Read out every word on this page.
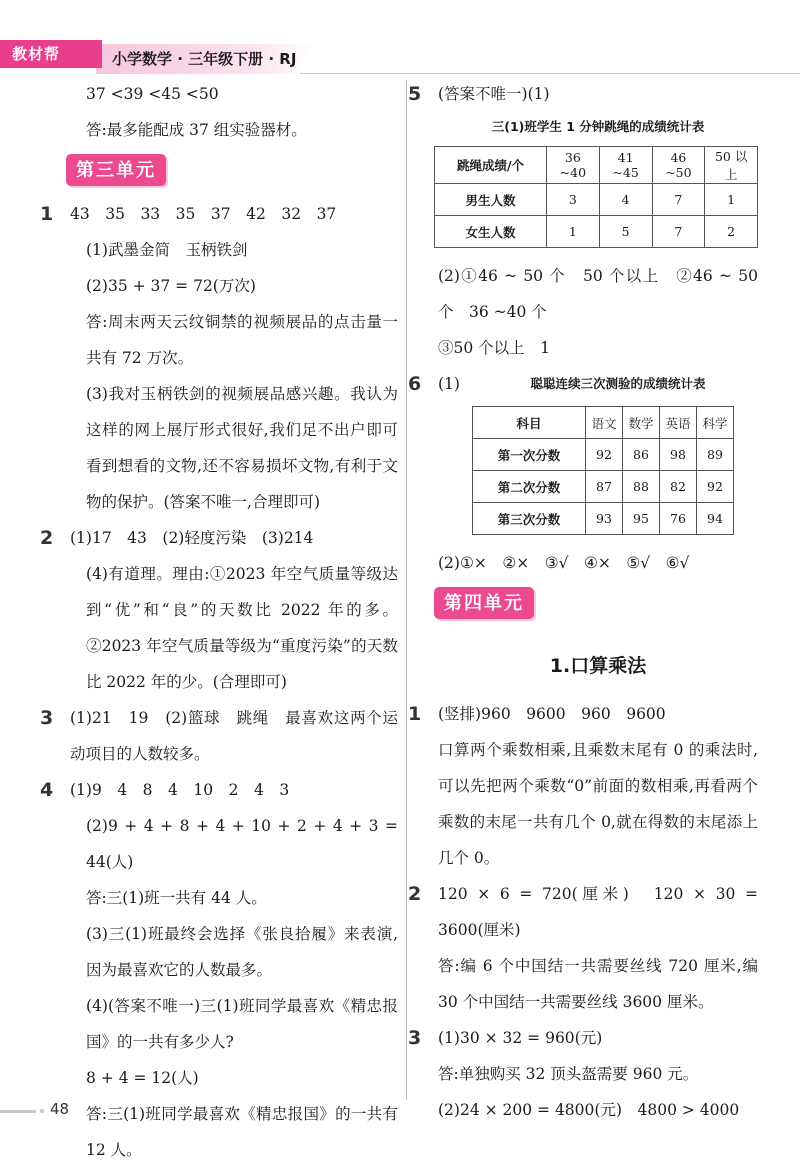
教材帮	小学数学 · 三年级下册 · RJ

37 <39 <45 <50

答:最多能配成 37 组实验器材。

第三单元
1 43　35　33　35　37　42　32　37

(1)武墨金简　玉柄铁剑

(2)35 + 37 = 72(万次)

答:周末两天云纹铜禁的视频展品的点击量一共有 72 万次。

(3)我对玉柄铁剑的视频展品感兴趣。我认为这样的网上展厅形式很好,我们足不出户即可看到想看的文物,还不容易损坏文物,有利于文物的保护。(答案不唯一,合理即可)

2 (1)17　43　(2)轻度污染　(3)214

(4)有道理。理由:①2023 年空气质量等级达到“优”和“良”的天数比 2022 年的多。②2023 年空气质量等级为“重度污染”的天数比 2022 年的少。(合理即可)

3 (1)21　19　(2)篮球　跳绳　最喜欢这两个运动项目的人数较多。

4 (1)9　4　8　4　10　2　4　3

(2)9 + 4 + 8 + 4 + 10 + 2 + 4 + 3 = 44(人)

答:三(1)班一共有 44 人。

(3)三(1)班最终会选择《张良拾履》来表演,因为最喜欢它的人数最多。

(4)(答案不唯一)三(1)班同学最喜欢《精忠报国》的一共有多少人?

8 + 4 = 12(人)

答:三(1)班同学最喜欢《精忠报国》的一共有 12 人。

5 (答案不唯一)(1)

三(1)班学生 1 分钟跳绳的成绩统计表
跳绳成绩/个	36 ~40	41 ~45	46 ~50	50 以上
男生人数	3	4	7	1
女生人数	1	5	7	2

(2)①46 ~ 50 个　50 个以上　②46 ~ 50 个　36 ~40 个

③50 个以上　1

6 (1)	聪聪连续三次测验的成绩统计表
科目	语文	数学	英语	科学
第一次分数	92	86	98	89
第二次分数	87	88	82	92
第三次分数	93	95	76	94

(2)①×　②×　③√　④×　⑤√　⑥√

第四单元
1.口算乘法
1 (竖排)960　9600　960　9600

口算两个乘数相乘,且乘数末尾有 0 的乘法时,可以先把两个乘数“0”前面的数相乘,再看两个乘数的末尾一共有几个 0,就在得数的末尾添上几个 0。

2 120 × 6 = 720(厘米)　120 × 30 = 3600(厘米)

答:编 6 个中国结一共需要丝线 720 厘米,编 30 个中国结一共需要丝线 3600 厘米。

3 (1)30 × 32 = 960(元)

答:单独购买 32 顶头盔需要 960 元。

(2)24 × 200 = 4800(元)　4800 > 4000

48
